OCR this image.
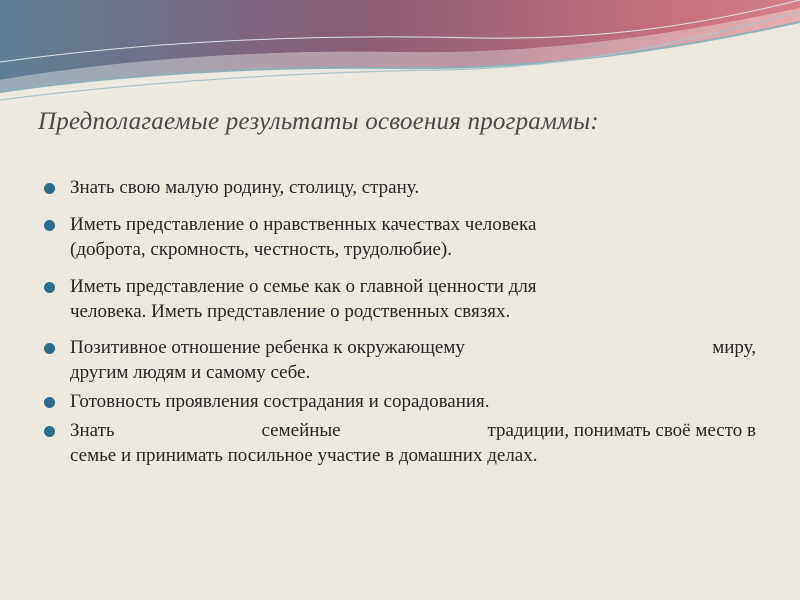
Предполагаемые результаты освоения программы:
Знать свою малую родину, столицу, страну.
Иметь представление о нравственных качествах человека
(доброта, скромность, честность, трудолюбие).
Иметь представление о семье как о главной ценности для
человека. Иметь представление о родственных связях.
Позитивное отношение ребенка к окружающему	миру,
другим людям и самому себе.
Готовность проявления сострадания и сорадования.
Знать	семейные	традиции, понимать своё место в
семье и принимать посильное участие в домашних делах.
